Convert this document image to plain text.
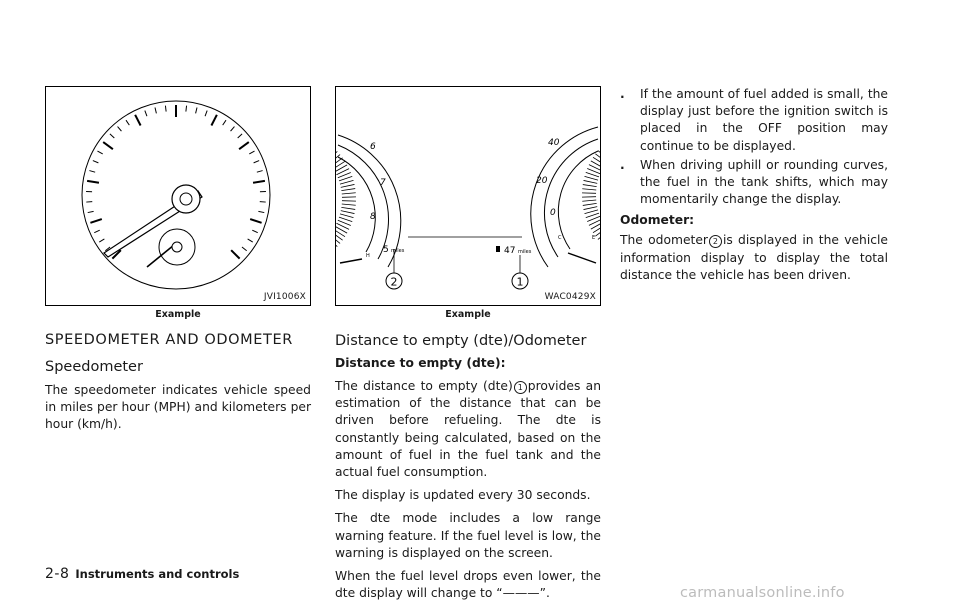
JVI1006X
Example
SPEEDOMETER AND ODOMETER
Speedometer

The speedometer indicates vehicle speed in miles per hour (MPH) and kilometers per hour (km/h).

6
7
8
H
40
20
0
C	E
5 miles	47 miles
2	1
WAC0429X
Example
Distance to empty (dte)/Odometer
Distance to empty (dte):

The distance to empty (dte) 1 provides an estimation of the distance that can be driven before refueling. The dte is constantly being calculated, based on the amount of fuel in the fuel tank and the actual fuel consumption.

The display is updated every 30 seconds.

The dte mode includes a low range warning feature. If the fuel level is low, the warning is displayed on the screen.

When the fuel level drops even lower, the dte display will change to “———”.

. If the amount of fuel added is small, the display just before the ignition switch is placed in the OFF position may continue to be displayed.
. When driving uphill or rounding curves, the fuel in the tank shifts, which may momentarily change the display.
Odometer:

The odometer 2 is displayed in the vehicle information display to display the total distance the vehicle has been driven.

2-8 Instruments and controls
carmanualsonline.info
